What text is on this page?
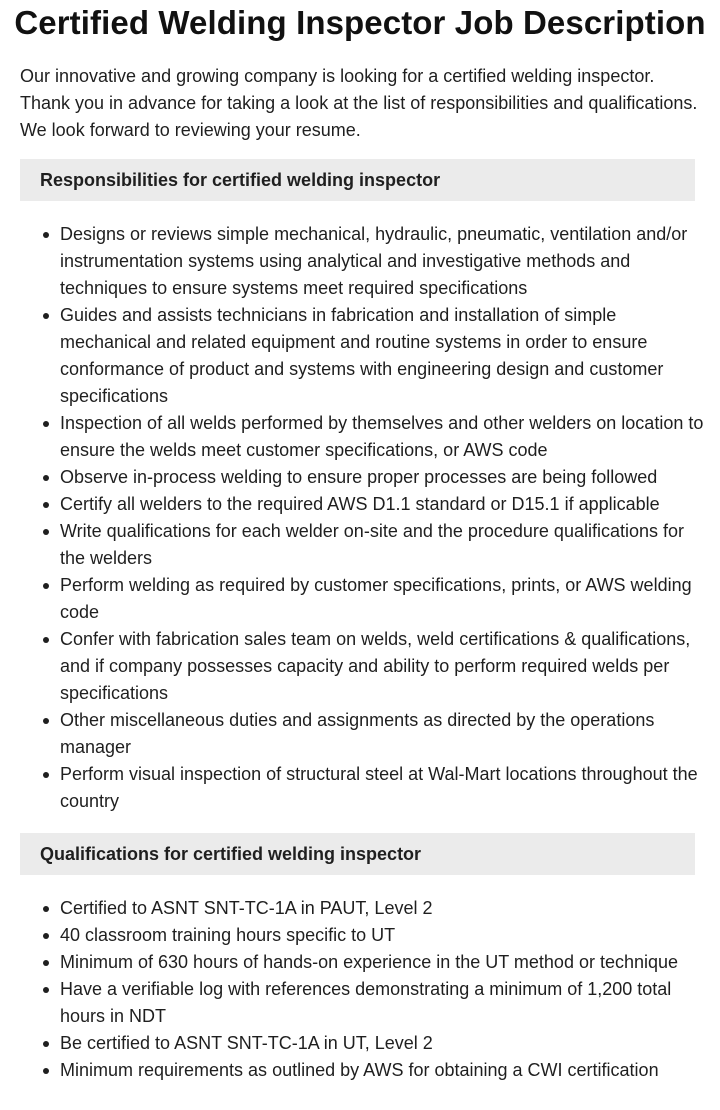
Certified Welding Inspector Job Description

Our innovative and growing company is looking for a certified welding inspector. Thank you in advance for taking a look at the list of responsibilities and qualifications. We look forward to reviewing your resume.

Responsibilities for certified welding inspector
Designs or reviews simple mechanical, hydraulic, pneumatic, ventilation and/or instrumentation systems using analytical and investigative methods and techniques to ensure systems meet required specifications
Guides and assists technicians in fabrication and installation of simple mechanical and related equipment and routine systems in order to ensure conformance of product and systems with engineering design and customer specifications
Inspection of all welds performed by themselves and other welders on location to ensure the welds meet customer specifications, or AWS code
Observe in-process welding to ensure proper processes are being followed
Certify all welders to the required AWS D1.1 standard or D15.1 if applicable
Write qualifications for each welder on-site and the procedure qualifications for the welders
Perform welding as required by customer specifications, prints, or AWS welding code
Confer with fabrication sales team on welds, weld certifications & qualifications, and if company possesses capacity and ability to perform required welds per specifications
Other miscellaneous duties and assignments as directed by the operations manager
Perform visual inspection of structural steel at Wal-Mart locations throughout the country
Qualifications for certified welding inspector
Certified to ASNT SNT-TC-1A in PAUT, Level 2
40 classroom training hours specific to UT
Minimum of 630 hours of hands-on experience in the UT method or technique
Have a verifiable log with references demonstrating a minimum of 1,200 total hours in NDT
Be certified to ASNT SNT-TC-1A in UT, Level 2
Minimum requirements as outlined by AWS for obtaining a CWI certification
